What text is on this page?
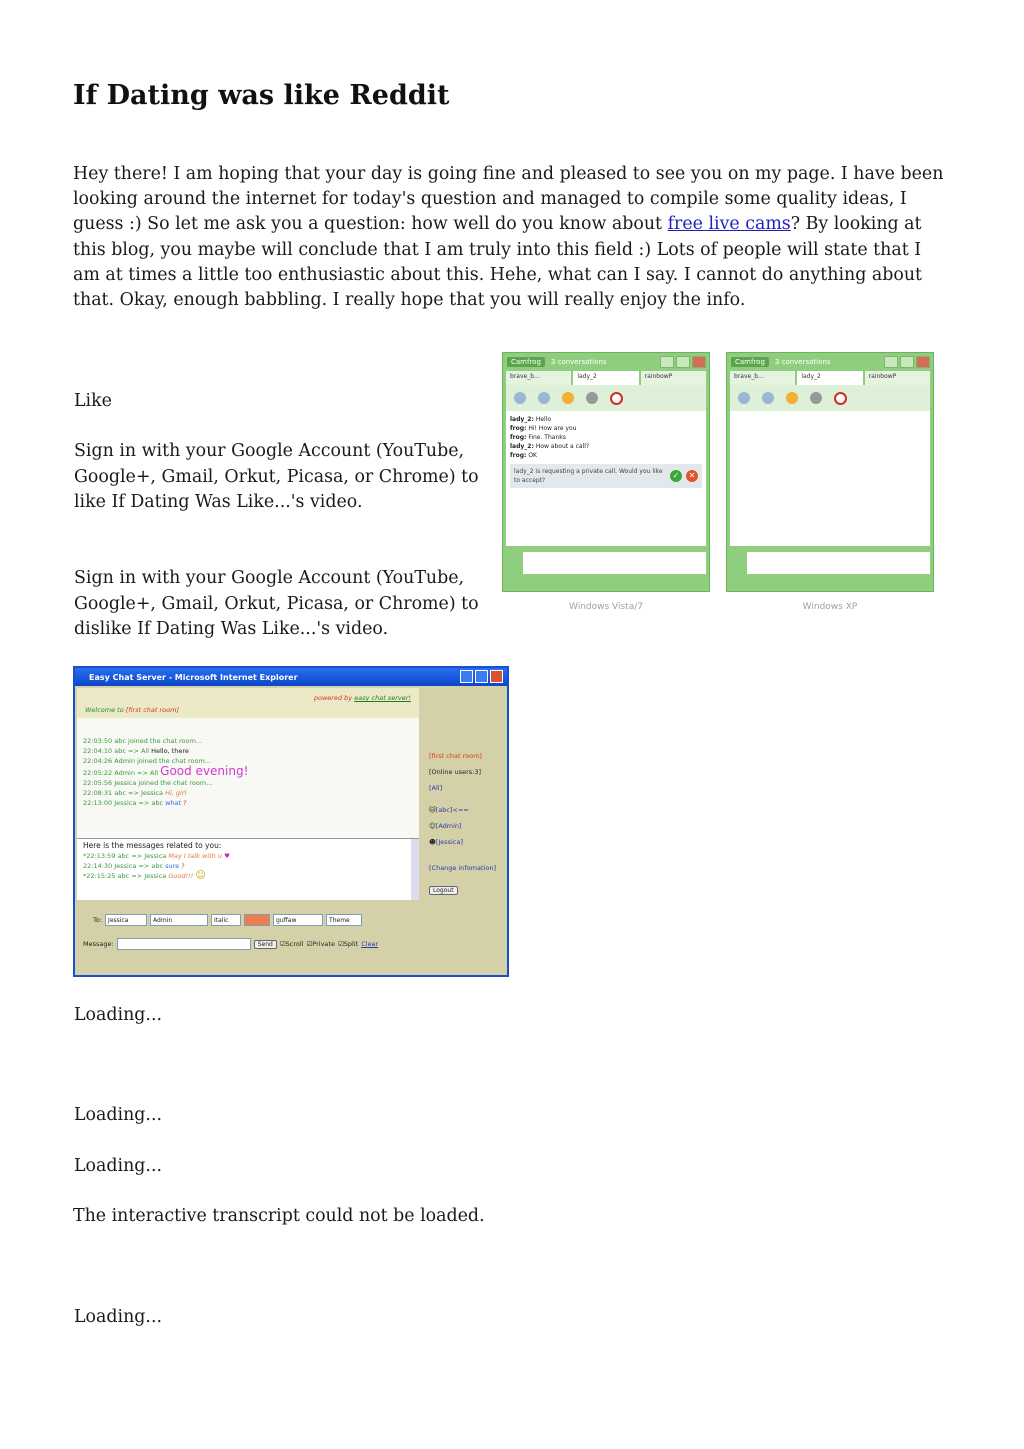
If Dating was like Reddit

Hey there! I am hoping that your day is going fine and pleased to see you on my page. I have been looking around the internet for today's question and managed to compile some quality ideas, I guess :) So let me ask you a question: how well do you know about free live cams? By looking at this blog, you maybe will conclude that I am truly into this field :) Lots of people will state that I am at times a little too enthusiastic about this. Hehe, what can I say. I cannot do anything about that. Okay, enough babbling. I really hope that you will really enjoy the info.

Like

Sign in with your Google Account (YouTube, Google+, Gmail, Orkut, Picasa, or Chrome) to like If Dating Was Like...'s video.

Sign in with your Google Account (YouTube, Google+, Gmail, Orkut, Picasa, or Chrome) to dislike If Dating Was Like...'s video.

Camfrog	3 conversations
brave_b...	lady_2	rainbowP
lady_2: Hello
frog: Hi! How are you
frog: Fine. Thanks
lady_2: How about a call?
frog: OK
lady_2 is requesting a private call. Would you like to accept?
✓	✕
Windows Vista/7
Camfrog	3 conversations
brave_b...	lady_2	rainbowP
Windows XP
Easy Chat Server - Microsoft Internet Explorer
powered by easy chat server!
Welcome to [first chat room]
22:03:50 abc joined the chat room...
22:04:10 abc => All Hello, there
22:04:26 Admin joined the chat room...
22:05:22 Admin => All Good evening!
22:05:56 Jessica joined the chat room...
22:08:31 abc => Jessica Hi, girl
22:13:00 Jessica => abc what ?
Here is the messages related to you:
*22:13:59 abc => Jessica May I talk with u ♥
22:14:30 Jessica => abc sure ?
*22:15:25 abc => Jessica Good!!! ☺
To:	Jessica	Admin	Italic	guffaw	Theme
Message:	Send	☑Scroll ☑Private ☑Split Clear
[first chat room]
[Online users:3]
[All]
🐱[abc]<==
☺[Admin]
☻[Jessica]
[Change infomation]
Logout

Loading...

Loading...

Loading...

The interactive transcript could not be loaded.

Loading...
